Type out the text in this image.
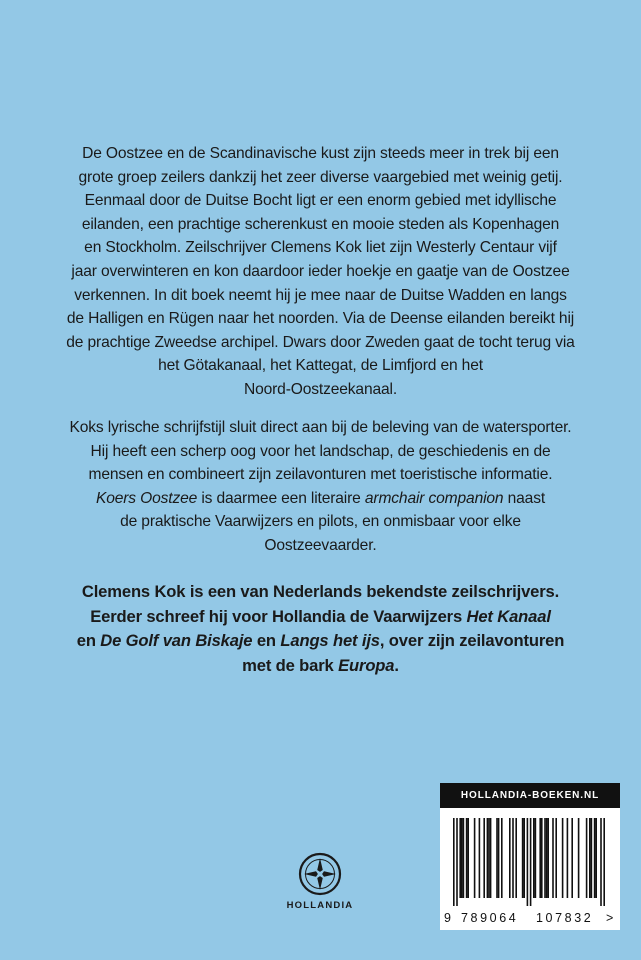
De Oostzee en de Scandinavische kust zijn steeds meer in trek bij een
grote groep zeilers dankzij het zeer diverse vaargebied met weinig getij.
Eenmaal door de Duitse Bocht ligt er een enorm gebied met idyllische
eilanden, een prachtige scherenkust en mooie steden als Kopenhagen
en Stockholm. Zeilschrijver Clemens Kok liet zijn Westerly Centaur vijf
jaar overwinteren en kon daardoor ieder hoekje en gaatje van de Oostzee
verkennen. In dit boek neemt hij je mee naar de Duitse Wadden en langs
de Halligen en Rügen naar het noorden. Via de Deense eilanden bereikt hij
de prachtige Zweedse archipel. Dwars door Zweden gaat de tocht terug via
het Götakanaal, het Kattegat, de Limfjord en het
Noord-Oostzeekanaal.
Koks lyrische schrijfstijl sluit direct aan bij de beleving van de watersporter.
Hij heeft een scherp oog voor het landschap, de geschiedenis en de
mensen en combineert zijn zeilavonturen met toeristische informatie.
Koers Oostzee is daarmee een literaire armchair companion naast
de praktische Vaarwijzers en pilots, en onmisbaar voor elke
Oostzeevaarder.
Clemens Kok is een van Nederlands bekendste zeilschrijvers.
Eerder schreef hij voor Hollandia de Vaarwijzers Het Kanaal
en De Golf van Biskaje en Langs het ijs, over zijn zeilavonturen
met de bark Europa.
HOLLANDIA
HOLLANDIA-BOEKEN.NL
9 789064 107832 >
